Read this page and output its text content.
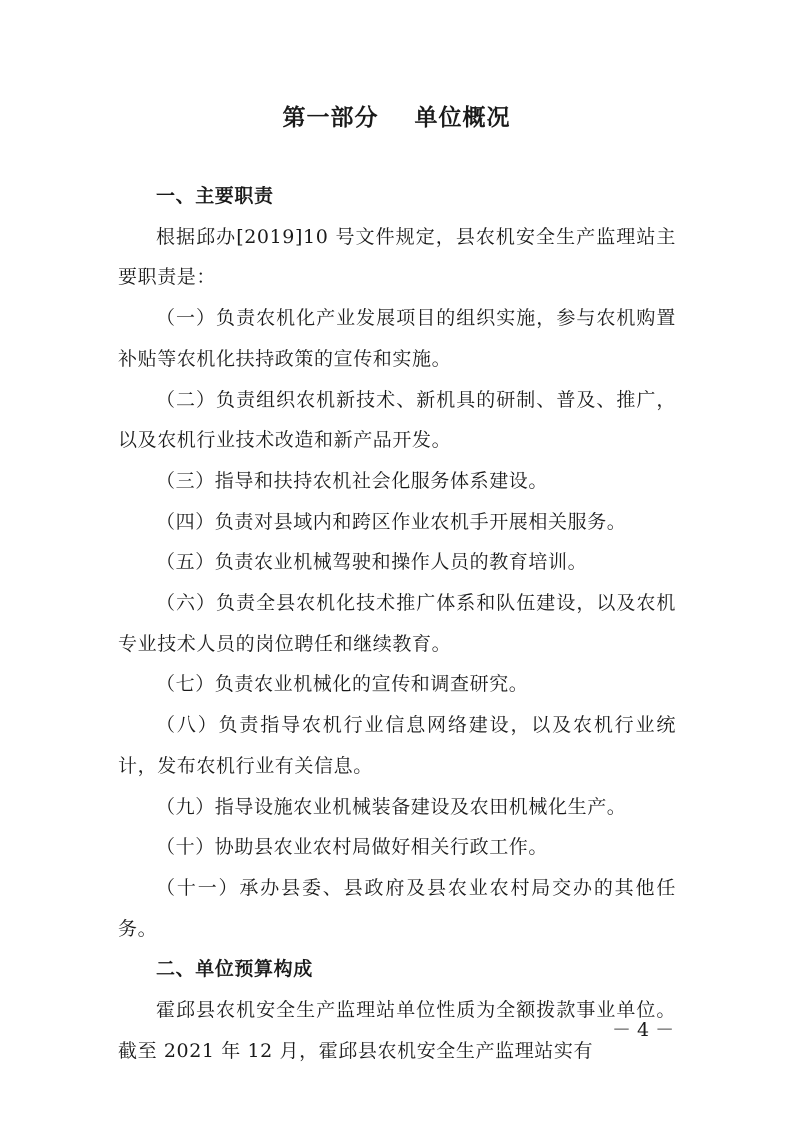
第一部分    单位概况

一、主要职责

根据邱办[2019]10 号文件规定，县农机安全生产监理站主要职责是：

（一）负责农机化产业发展项目的组织实施，参与农机购置补贴等农机化扶持政策的宣传和实施。

（二）负责组织农机新技术、新机具的研制、普及、推广，以及农机行业技术改造和新产品开发。

（三）指导和扶持农机社会化服务体系建设。

（四）负责对县域内和跨区作业农机手开展相关服务。

（五）负责农业机械驾驶和操作人员的教育培训。

（六）负责全县农机化技术推广体系和队伍建设，以及农机专业技术人员的岗位聘任和继续教育。

（七）负责农业机械化的宣传和调查研究。

（八）负责指导农机行业信息网络建设，以及农机行业统计，发布农机行业有关信息。

（九）指导设施农业机械装备建设及农田机械化生产。

（十）协助县农业农村局做好相关行政工作。

（十一）承办县委、县政府及县农业农村局交办的其他任务。

二、单位预算构成

霍邱县农机安全生产监理站单位性质为全额拨款事业单位。截至 2021 年 12 月，霍邱县农机安全生产监理站实有

－ 4 －
